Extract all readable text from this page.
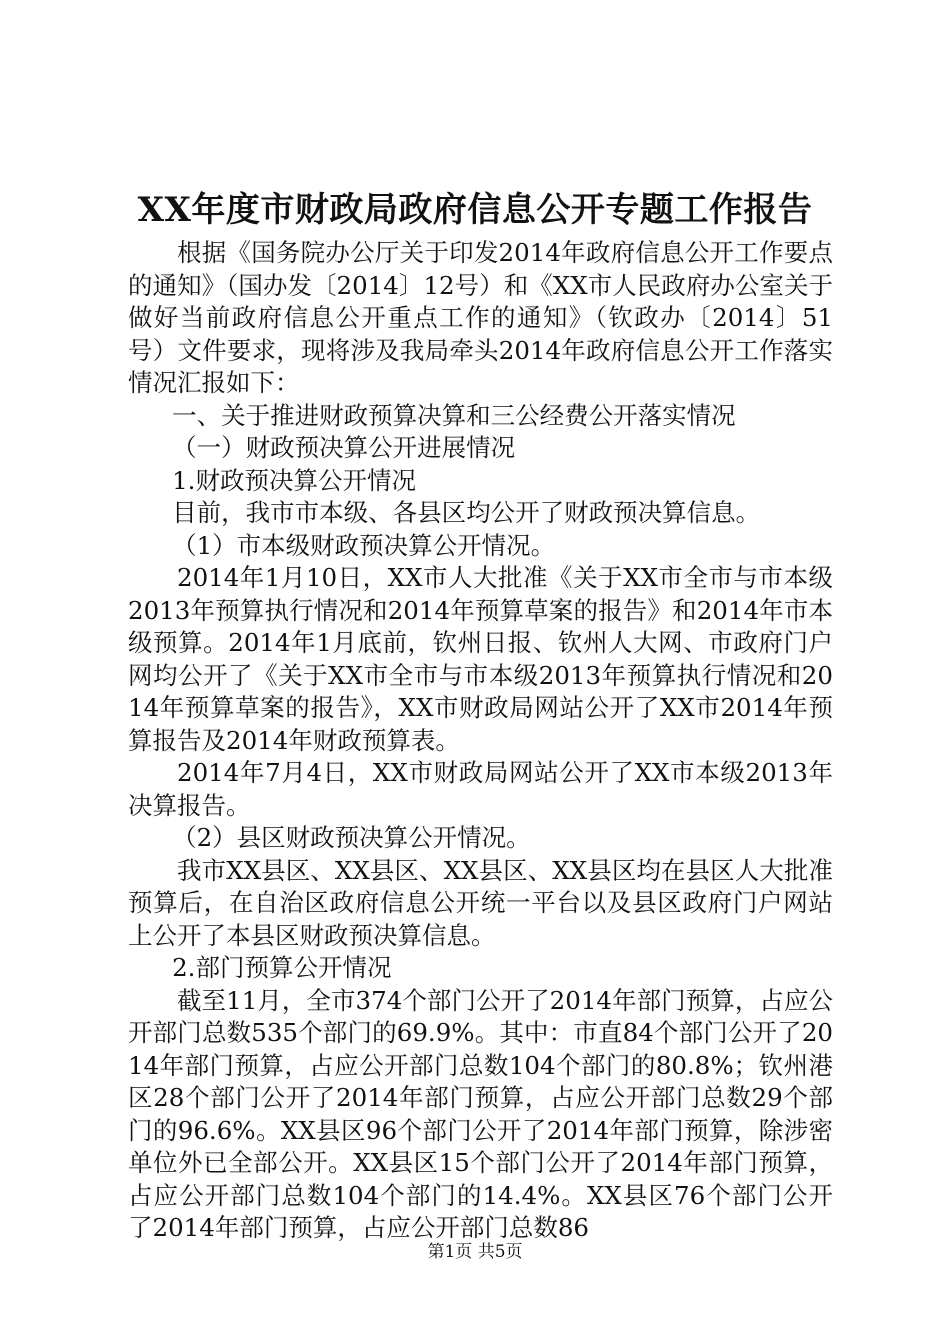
XX年度市财政局政府信息公开专题工作报告

根据《国务院办公厅关于印发2014年政府信息公开工作要点的通知》（国办发〔2014〕12号）和《XX市人民政府办公室关于做好当前政府信息公开重点工作的通知》（钦政办〔2014〕51号）文件要求，现将涉及我局牵头2014年政府信息公开工作落实情况汇报如下：

一、关于推进财政预算决算和三公经费公开落实情况

（一）财政预决算公开进展情况

1.财政预决算公开情况

目前，我市市本级、各县区均公开了财政预决算信息。

（1）市本级财政预决算公开情况。

2014年1月10日，XX市人大批准《关于XX市全市与市本级2013年预算执行情况和2014年预算草案的报告》和2014年市本级预算。2014年1月底前，钦州日报、钦州人大网、市政府门户网均公开了《关于XX市全市与市本级2013年预算执行情况和2014年预算草案的报告》，XX市财政局网站公开了XX市2014年预算报告及2014年财政预算表。

2014年7月4日，XX市财政局网站公开了XX市本级2013年决算报告。

（2）县区财政预决算公开情况。

我市XX县区、XX县区、XX县区、XX县区均在县区人大批准预算后，在自治区政府信息公开统一平台以及县区政府门户网站上公开了本县区财政预决算信息。

2.部门预算公开情况

截至11月，全市374个部门公开了2014年部门预算，占应公开部门总数535个部门的69.9%。其中：市直84个部门公开了2014年部门预算，占应公开部门总数104个部门的80.8%；钦州港区28个部门公开了2014年部门预算，占应公开部门总数29个部门的96.6%。XX县区96个部门公开了2014年部门预算，除涉密单位外已全部公开。XX县区15个部门公开了2014年部门预算，占应公开部门总数104个部门的14.4%。XX县区76个部门公开了2014年部门预算，占应公开部门总数86

第1页 共5页
